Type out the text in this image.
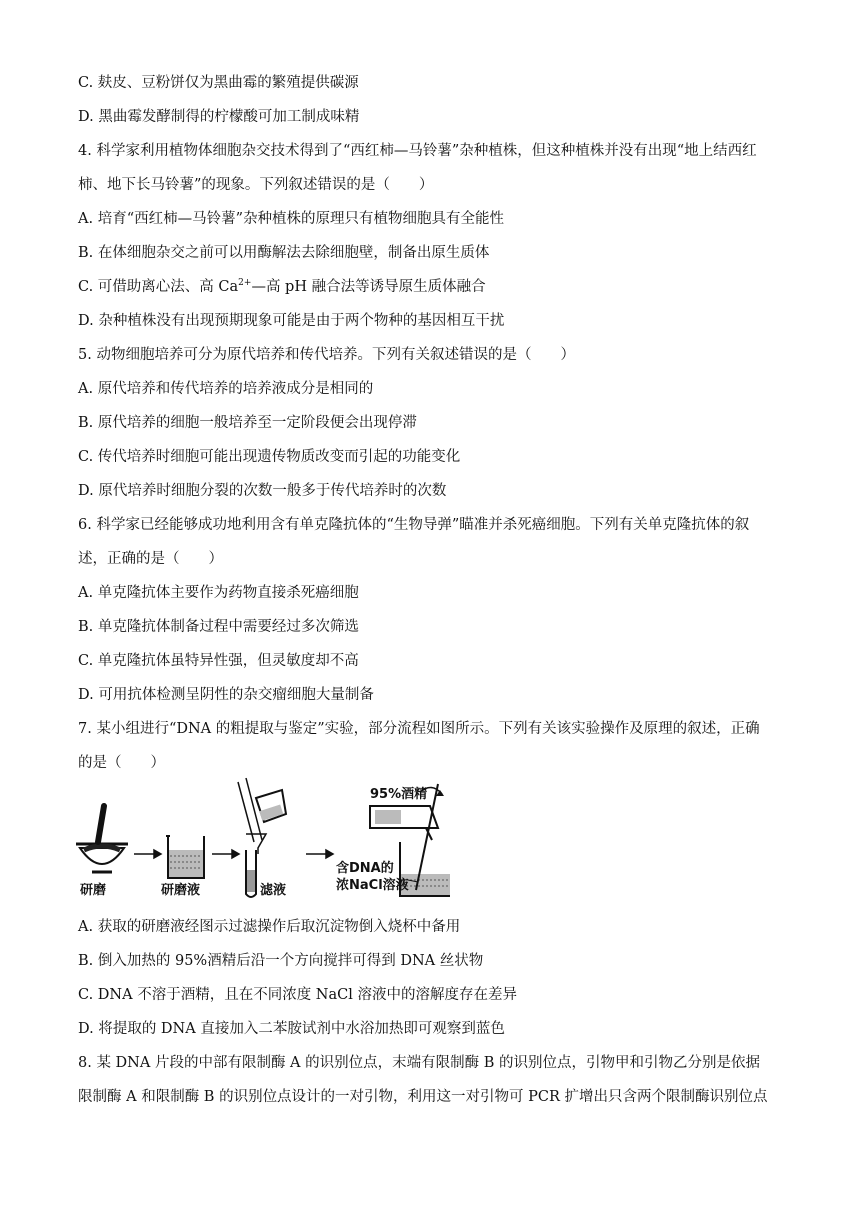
C. 麸皮、豆粉饼仅为黑曲霉的繁殖提供碳源
D. 黑曲霉发酵制得的柠檬酸可加工制成味精
4. 科学家利用植物体细胞杂交技术得到了“西红柿—马铃薯”杂种植株，但这种植株并没有出现“地上结西红
柿、地下长马铃薯”的现象。下列叙述错误的是（　　）
A. 培育“西红柿—马铃薯”杂种植株的原理只有植物细胞具有全能性
B. 在体细胞杂交之前可以用酶解法去除细胞壁，制备出原生质体
C. 可借助离心法、高 $Ca^{2+}—$高 pH 融合法等诱导原生质体融合
D. 杂种植株没有出现预期现象可能是由于两个物种的基因相互干扰
5. 动物细胞培养可分为原代培养和传代培养。下列有关叙述错误的是（　　）
A. 原代培养和传代培养的培养液成分是相同的
B. 原代培养的细胞一般培养至一定阶段便会出现停滞
C. 传代培养时细胞可能出现遗传物质改变而引起的功能变化
D. 原代培养时细胞分裂的次数一般多于传代培养时的次数
6. 科学家已经能够成功地利用含有单克隆抗体的“生物导弹”瞄准并杀死癌细胞。下列有关单克隆抗体的叙
述，正确的是（　　）
A. 单克隆抗体主要作为药物直接杀死癌细胞
B. 单克隆抗体制备过程中需要经过多次筛选
C. 单克隆抗体虽特异性强，但灵敏度却不高
D. 可用抗体检测呈阴性的杂交瘤细胞大量制备
7. 某小组进行“DNA 的粗提取与鉴定”实验，部分流程如图所示。下列有关该实验操作及原理的叙述，正确
的是（　　）
研磨	研磨液	滤液
95%酒精
含DNA的
浓NaCl溶液
A. 获取的研磨液经图示过滤操作后取沉淀物倒入烧杯中备用
B. 倒入加热的 95%酒精后沿一个方向搅拌可得到 DNA 丝状物
C. DNA 不溶于酒精，且在不同浓度 NaCl 溶液中的溶解度存在差异
D. 将提取的 DNA 直接加入二苯胺试剂中水浴加热即可观察到蓝色
8. 某 DNA 片段的中部有限制酶 A 的识别位点，末端有限制酶 B 的识别位点，引物甲和引物乙分别是依据
限制酶 A 和限制酶 B 的识别位点设计的一对引物，利用这一对引物可 PCR 扩增出只含两个限制酶识别位点
